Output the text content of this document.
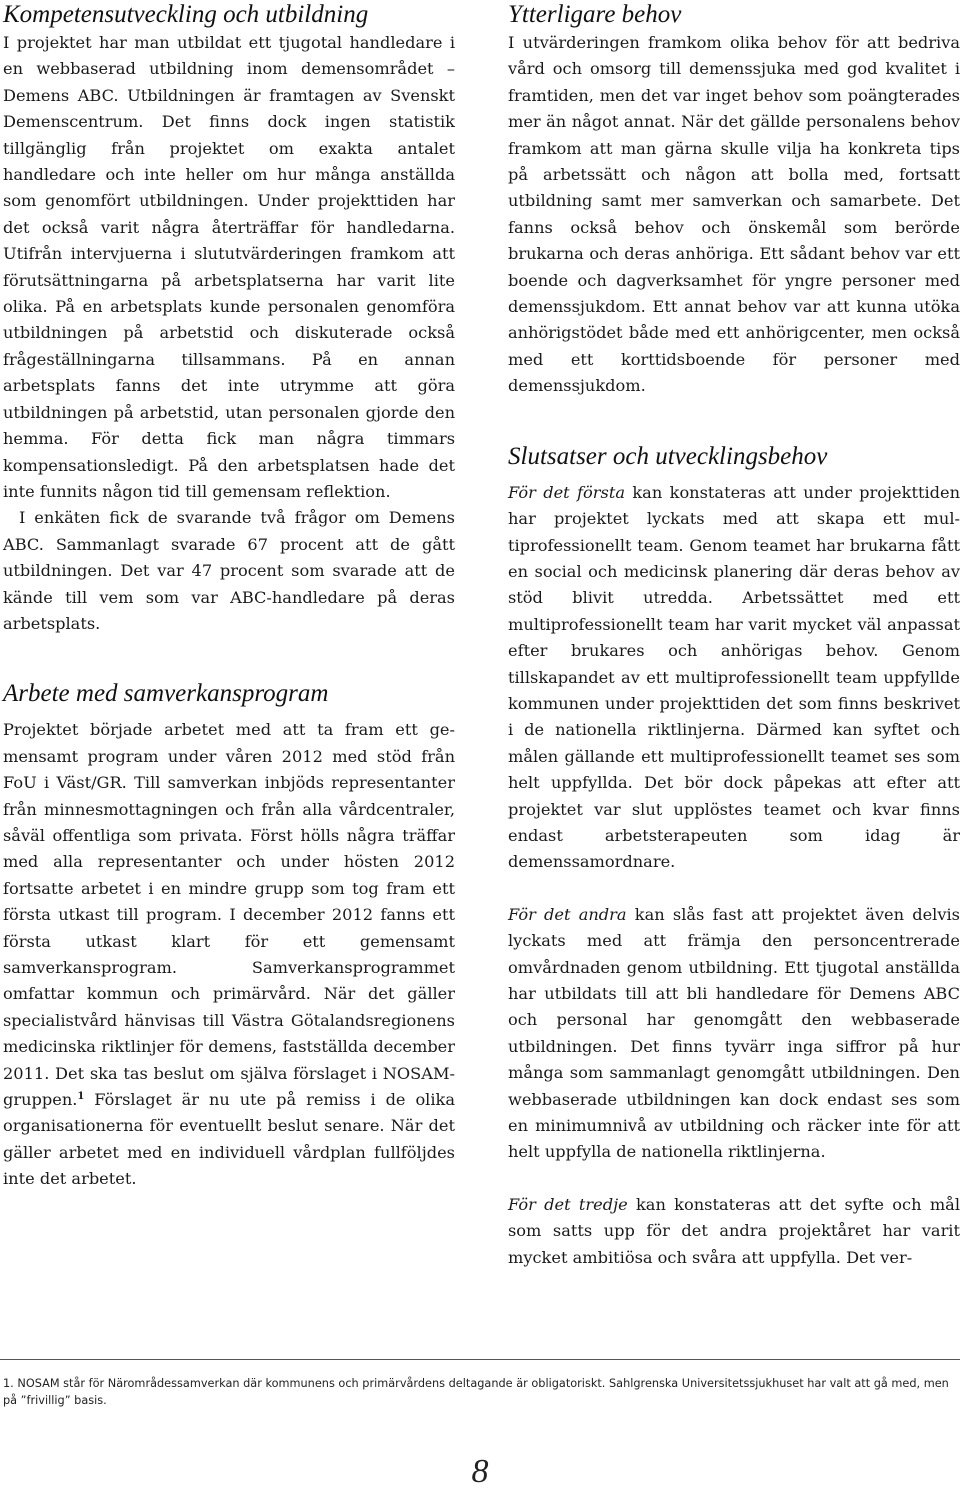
Kompetensutveckling och utbildning

I projektet har man utbildat ett tjugotal handledare i en webbaserad utbildning inom demensområdet – Demens ABC. Utbildningen är framtagen av Svenskt Demenscentrum. Det finns dock ingen statistik tillgänglig från projektet om exakta antalet handledare och inte heller om hur många anställda som genomfört utbildningen. Under projekttiden har det också varit några återträffar för handledarna. Utifrån intervjuerna i slututvärderingen framkom att förutsättningarna på arbetsplatserna har varit lite olika. På en arbetsplats kunde personalen genomföra utbildningen på arbetstid och diskuterade också frågeställningarna tillsammans. På en annan arbetsplats fanns det inte utrymme att göra utbildningen på arbetstid, utan personalen gjorde den hemma. För detta fick man några timmars kompensationsledigt. På den arbetsplatsen hade det inte funnits någon tid till gemensam reflektion.

I enkäten fick de svarande två frågor om Demens ABC. Sammanlagt svarade 67 procent att de gått utbildningen. Det var 47 procent som svarade att de kände till vem som var ABC-handledare på deras arbetsplats.

Arbete med samverkansprogram

Projektet började arbetet med att ta fram ett gemensamt program under våren 2012 med stöd från FoU i Väst/GR. Till samverkan inbjöds representanter från minnesmottagningen och från alla vårdcentraler, såväl offentliga som privata. Först hölls några träffar med alla representanter och under hösten 2012 fortsatte arbetet i en mindre grupp som tog fram ett första utkast till program. I december 2012 fanns ett första utkast klart för ett gemensamt samverkansprogram. Samverkansprogrammet omfattar kommun och primärvård. När det gäller specialistvård hänvisas till Västra Götalandsregionens medicinska riktlinjer för demens, fastställda december 2011. Det ska tas beslut om själva förslaget i NOSAM-gruppen.$^1$ Förslaget är nu ute på remiss i de olika organisationerna för eventuellt beslut senare. När det gäller arbetet med en individuell vårdplan fullföljdes inte det arbetet.

Ytterligare behov

I utvärderingen framkom olika behov för att bedriva vård och omsorg till demenssjuka med god kvalitet i framtiden, men det var inget behov som poängterades mer än något annat. När det gällde personalens behov framkom att man gärna skulle vilja ha konkreta tips på arbetssätt och någon att bolla med, fortsatt utbildning samt mer samverkan och samarbete. Det fanns också behov och önskemål som berörde brukarna och deras anhöriga. Ett sådant behov var ett boende och dagverksamhet för yngre personer med demenssjukdom. Ett annat behov var att kunna utöka anhörigstödet både med ett anhörigcenter, men också med ett korttidsboende för personer med demenssjukdom.

Slutsatser och utvecklingsbehov

För det första kan konstateras att under projekttiden har projektet lyckats med att skapa ett multiprofessionellt team. Genom teamet har brukarna fått en social och medicinsk planering där deras behov av stöd blivit utredda. Arbetssättet med ett multiprofessionellt team har varit mycket väl anpassat efter brukares och anhörigas behov. Genom tillskapandet av ett multiprofessionellt team uppfyllde kommunen under projekttiden det som finns beskrivet i de nationella riktlinjerna. Därmed kan syftet och målen gällande ett multiprofessionellt teamet ses som helt uppfyllda. Det bör dock påpekas att efter att projektet var slut upplöstes teamet och kvar finns endast arbetsterapeuten som idag är demenssamordnare.

För det andra kan slås fast att projektet även delvis lyckats med att främja den personcentrerade omvårdnaden genom utbildning. Ett tjugotal anställda har utbildats till att bli handledare för Demens ABC och personal har genomgått den webbaserade utbildningen. Det finns tyvärr inga siffror på hur många som sammanlagt genomgått utbildningen. Den webbaserade utbildningen kan dock endast ses som en minimumnivå av utbildning och räcker inte för att helt uppfylla de nationella riktlinjerna.

För det tredje kan konstateras att det syfte och mål som satts upp för det andra projektåret har varit mycket ambitiösa och svåra att uppfylla. Det ver-

1. NOSAM står för Närområdessamverkan där kommunens och primärvårdens deltagande är obligatoriskt. Sahlgrenska Universitetssjukhuset har valt att gå med, men på ”frivillig” basis.
8
